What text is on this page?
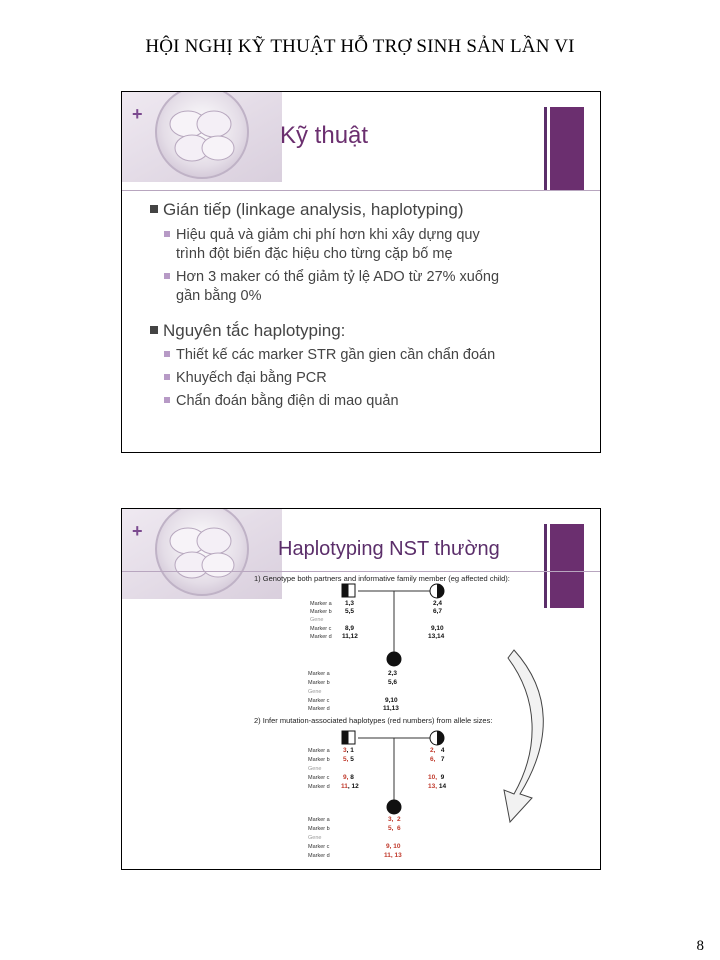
HỘI NGHỊ KỸ THUẬT HỖ TRỢ SINH SẢN LẦN VI
+
Kỹ thuật
Gián tiếp (linkage analysis, haplotyping)
Hiệu quả và giảm chi phí hơn khi xây dựng quy
trình đột biến đặc hiệu cho từng cặp bố mẹ
Hơn 3 maker có thể giảm tỷ lệ ADO từ 27% xuống
gần bằng 0%
Nguyên tắc haplotyping:
Thiết kế các marker STR gần gien cần chẩn đoán
Khuyếch đại bằng PCR
Chẩn đoán bằng điện di mao quản
+
Haplotyping NST thường
1) Genotype both partners and informative family member (eg affected child):
2) Infer mutation-associated haplotypes (red numbers) from allele sizes:
Marker a
Marker b
Gene
Marker c
Marker d
1,3
5,5
8,9
11,12
2,4
6,7
9,10
13,14
Marker a
Marker b
Gene
Marker c
Marker d
2,3
5,6
9,10
11,13
Marker a
Marker b
Gene
Marker c
Marker d
3, 1
5, 5
9, 8
11, 12
2,   4
6,   7
10,  9
13, 14
Marker a
Marker b
Gene
Marker c
Marker d
3,  2
5,  6
9, 10
11, 13
8
